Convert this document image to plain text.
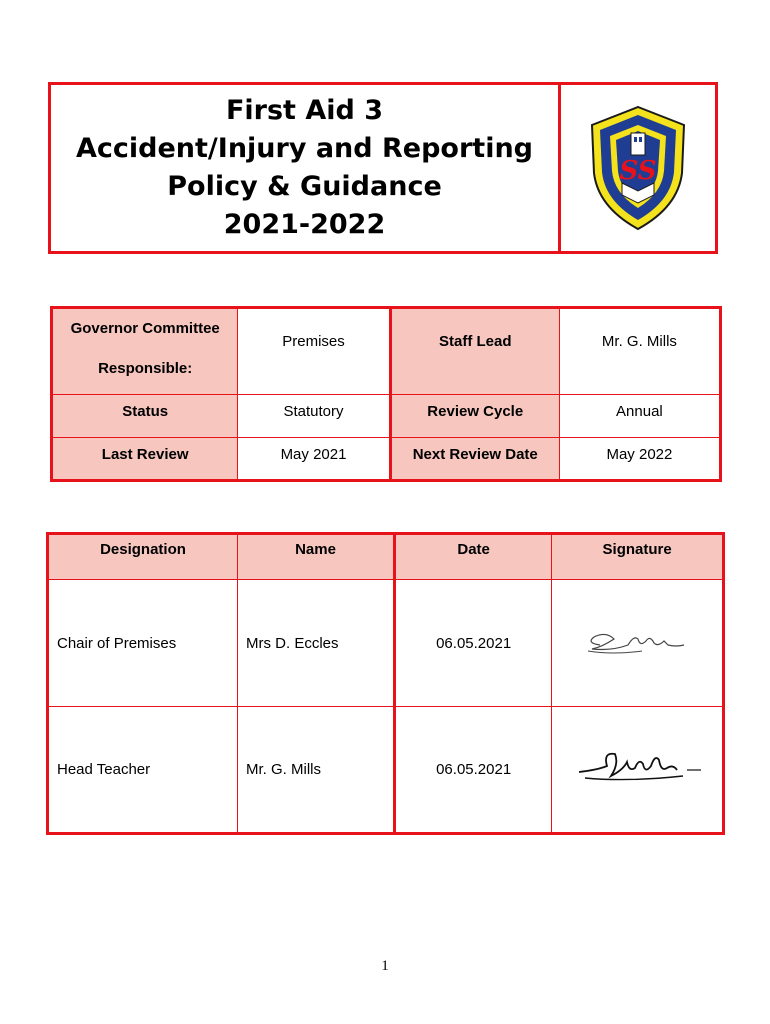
First Aid 3
Accident/Injury and Reporting
Policy & Guidance
2021-2022
SS
Governor Committee
Responsible:	Premises	Staff Lead	Mr. G. Mills
Status	Statutory	Review Cycle	Annual
Last Review	May 2021	Next Review Date	May 2022
Designation	Name	Date	Signature
Chair of Premises	Mrs D. Eccles	06.05.2021	
Head Teacher	Mr. G. Mills	06.05.2021	
1
